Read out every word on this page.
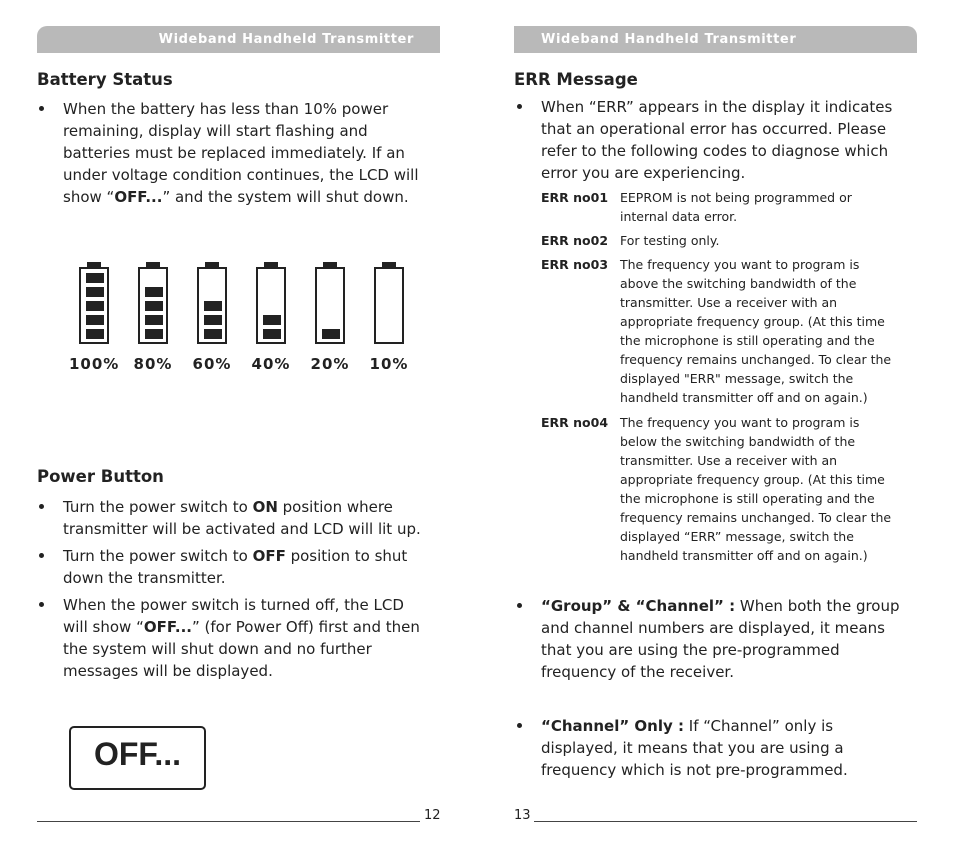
Wideband Handheld Transmitter	Wideband Handheld Transmitter
Battery Status
When the battery has less than 10% power
remaining, display will start flashing and
batteries must be replaced immediately. If an
under voltage condition continues, the LCD will
show “OFF...” and the system will shut down.
100% 80%	60%	40%	20%	10%
Power Button
Turn the power switch to ON position where
transmitter will be activated and LCD will lit up.
Turn the power switch to OFF position to shut
down the transmitter.
When the power switch is turned off, the LCD
will show “OFF...” (for Power Off) first and then
the system will shut down and no further
messages will be displayed.
OFF...
12
ERR Message
When “ERR” appears in the display it indicates
that an operational error has occurred. Please
refer to the following codes to diagnose which
error you are experiencing.
ERR no01 EEPROM is not being programmed or
internal data error.
ERR no02 For testing only.
ERR no03 The frequency you want to program is
above the switching bandwidth of the
transmitter. Use a receiver with an
appropriate frequency group. (At this time
the microphone is still operating and the
frequency remains unchanged. To clear the
displayed "ERR" message, switch the
handheld transmitter off and on again.)
ERR no04 The frequency you want to program is
below the switching bandwidth of the
transmitter. Use a receiver with an
appropriate frequency group. (At this time
the microphone is still operating and the
frequency remains unchanged. To clear the
displayed “ERR” message, switch the
handheld transmitter off and on again.)
“Group” & “Channel” : When both the group
and channel numbers are displayed, it means
that you are using the pre-programmed
frequency of the receiver.
“Channel” Only : If “Channel” only is
displayed, it means that you are using a
frequency which is not pre-programmed.
13
